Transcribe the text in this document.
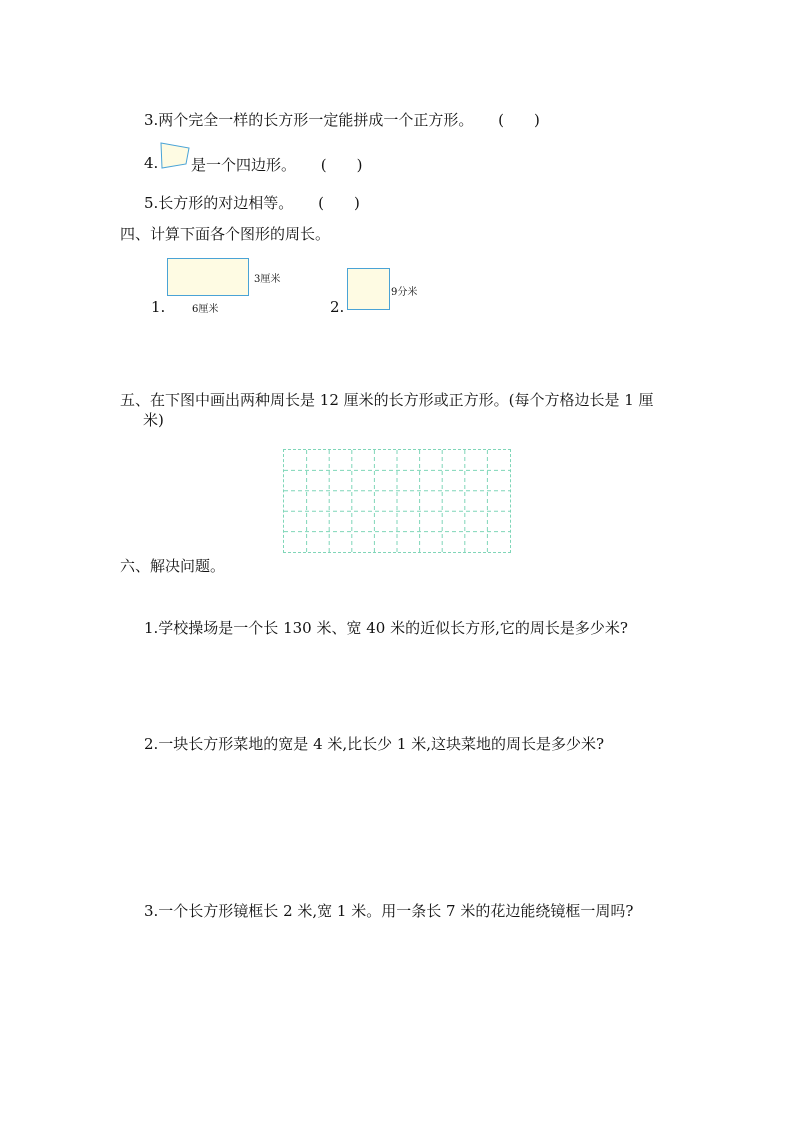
3.两个完全一样的长方形一定能拼成一个正方形。 (　　)
4. 是一个四边形。 (　　)
5.长方形的对边相等。 (　　)
四、计算下面各个图形的周长。
3厘米
6厘米
1.
9分米
2.
五、在下图中画出两种周长是 12 厘米的长方形或正方形。(每个方格边长是 1 厘
米)
六、解决问题。
1.学校操场是一个长 130 米、宽 40 米的近似长方形,它的周长是多少米?
2.一块长方形菜地的宽是 4 米,比长少 1 米,这块菜地的周长是多少米?
3.一个长方形镜框长 2 米,宽 1 米。用一条长 7 米的花边能绕镜框一周吗?
